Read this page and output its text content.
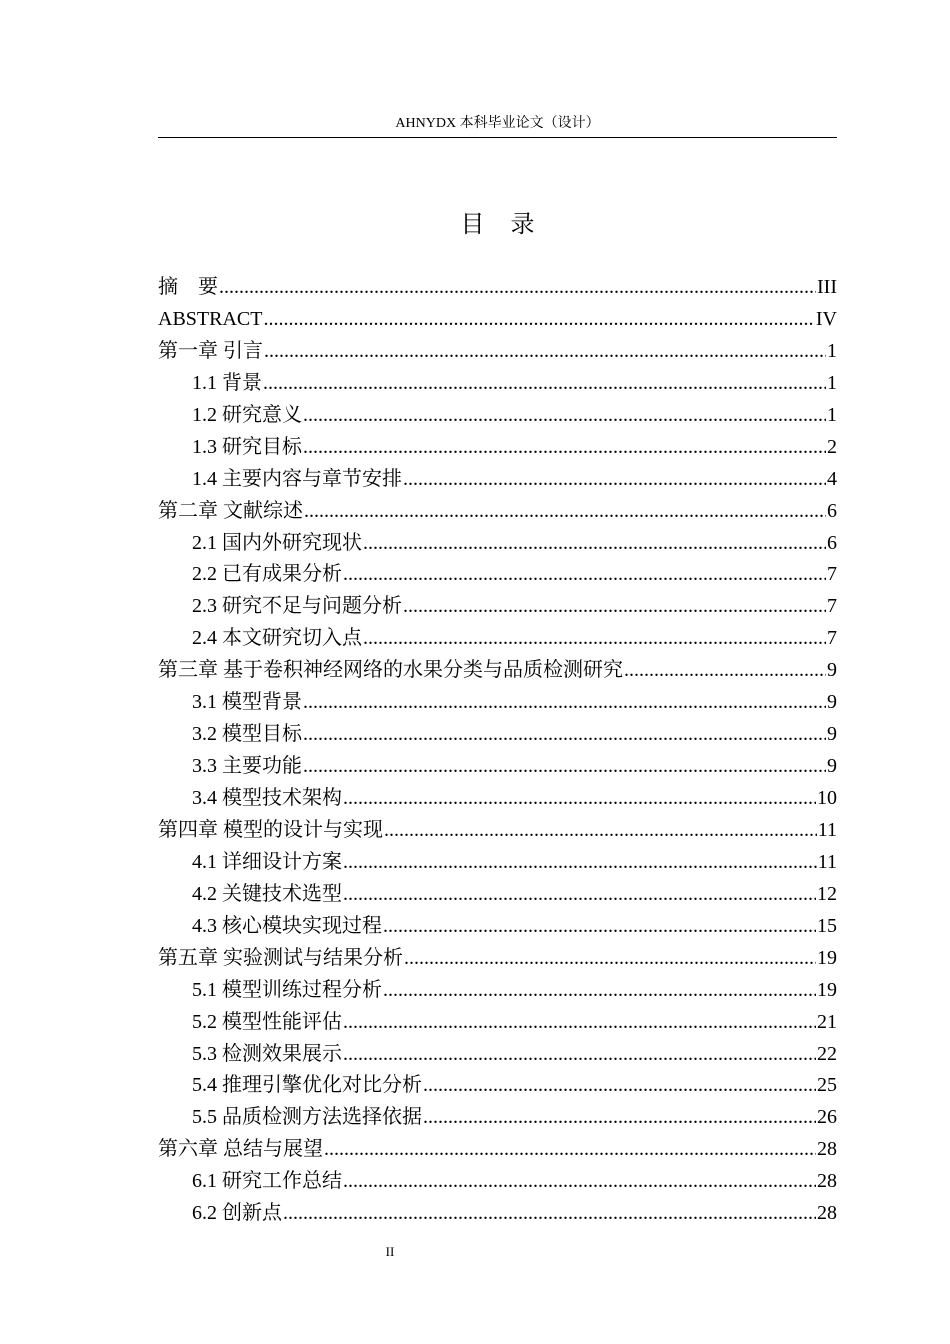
AHNYDX 本科毕业论文（设计）
目录
摘　要 .....	III
ABSTRACT .....	IV
第一章 引言 .....	1
1.1 背景 .....	1
1.2 研究意义 .....	1
1.3 研究目标 .....	2
1.4 主要内容与章节安排 .....	4
第二章 文献综述 .....	6
2.1 国内外研究现状 .....	6
2.2 已有成果分析 .....	7
2.3 研究不足与问题分析 .....	7
2.4 本文研究切入点 .....	7
第三章 基于卷积神经网络的水果分类与品质检测研究 .....	9
3.1 模型背景 .....	9
3.2 模型目标 .....	9
3.3 主要功能 .....	9
3.4 模型技术架构 .....	10
第四章 模型的设计与实现 .....	11
4.1 详细设计方案 .....	11
4.2 关键技术选型 .....	12
4.3 核心模块实现过程 .....	15
第五章 实验测试与结果分析 .....	19
5.1 模型训练过程分析 .....	19
5.2 模型性能评估 .....	21
5.3 检测效果展示 .....	22
5.4 推理引擎优化对比分析 .....	25
5.5 品质检测方法选择依据 .....	26
第六章 总结与展望 .....	28
6.1 研究工作总结 .....	28
6.2 创新点 .....	28
II
